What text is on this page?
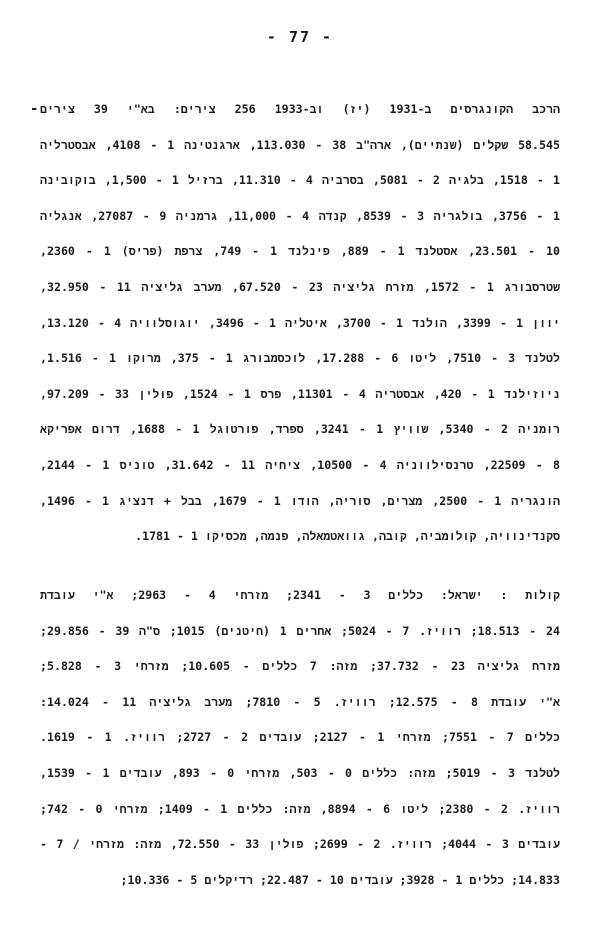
- 77 -
- הרכב הקונגרסים ב-1931 (יז) וב-1933 256 צירים: בא"י 39 צירים
58.545 שקלים (שנתיים), ארה"ב 38 - 113.030, ארגנטינה 1 - 4108, אבסטרליה
1 - 1518, בלגיה 2 - 5081, בסרביה 4 - 11.310, ברזיל 1 - 1,500, בוקובינה
1 - 3756, בולגריה 3 - 8539, קנדה 4 - 11,000, גרמניה 9 - 27087, אנגליה
10 - 23.501, אסטלנד 1 - 889, פינלנד 1 - 749, צרפת (פריס) 1 - 2360,
שטרסבורג 1 - 1572, מזרח גליציה 23 - 67.520, מערב גליציה 11 - 32.950,
יוון 1 - 3399, הולנד 1 - 3700, איטליה 1 - 3496, יוגוסלוויה 4 - 13.120,
לטלנד 3 - 7510, ליטו 6 - 17.288, לוכסמבורג 1 - 375, מרוקו 1 - 1.516,
ניוזילנד 1 - 420, אבסטריה 4 - 11301, פרס 1 - 1524, פולין 33 - 97.209,
רומניה 2 - 5340, שוויץ 1 - 3241, ספרד, פורטוגל 1 - 1688, דרום אפריקא
8 - 22509, טרנסילווניה 4 - 10500, ציחיה 11 - 31.642, טוניס 1 - 2144,
הונגריה 1 - 2500, מצרים, סוריה, הודו 1 - 1679, בבל + דנציג 1 - 1496,
סקנדינוויה, קולומביה, קובה, גוואטמאלה, פנמה, מכסיקו 1 - 1781.
קולות : ישראל: כללים 3 - 2341; מזרחי 4 - 2963; א"י עובדת
24 - 18.513; רוויז. 7 - 5024; אחרים 1 (חיטנים) 1015; ס"ה 39 - 29.856;
מזרח גליציה 23 - 37.732; מזה: 7 כללים - 10.605; מזרחי 3 - 5.828;
א"י עובדת 8 - 12.575; רוויז. 5 - 7810; מערב גליציה 11 - 14.024:
כללים 7 - 7551; מזרחי 1 - 2127; עובדים 2 - 2727; רוויז. 1 - 1619.
לטלנד 3 - 5019; מזה: כללים 0 - 503, מזרחי 0 - 893, עובדים 1 - 1539,
רוויז. 2 - 2380; ליטו 6 - 8894, מזה: כללים 1 - 1409; מזרחי 0 - 742;
עובדים 3 - 4044; רוויז. 2 - 2699; פולין 33 - 72.550, מזה: מזרחי / 7 -
14.833; כללים 1 - 3928; עובדים 10 - 22.487; רדיקלים 5 - 10.336;
